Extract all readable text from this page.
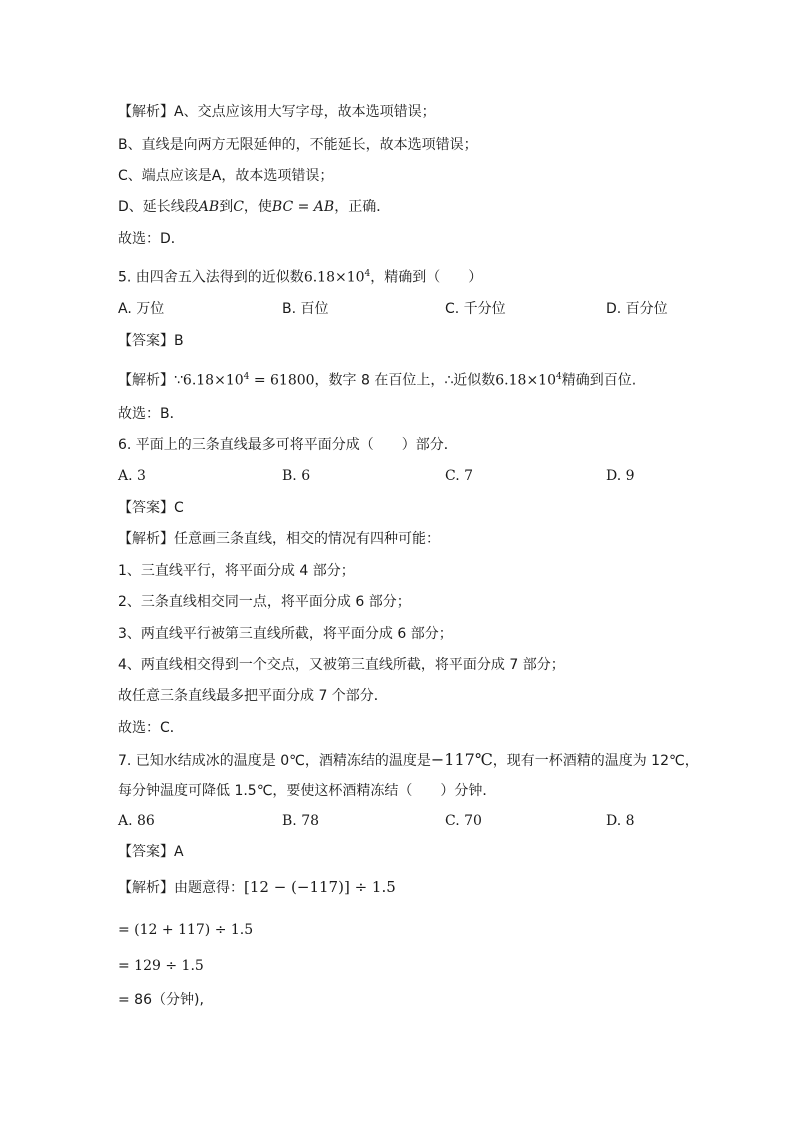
【解析】A、交点应该用大写字母，故本选项错误；
B、直线是向两方无限延伸的，不能延长，故本选项错误；
C、端点应该是A，故本选项错误；
D、延长线段AB到C，使BC = AB，正确．
故选：D．
5. 由四舍五入法得到的近似数$6.18\times 10^4$，精确到（　　）
A. 万位	B. 百位	C. 千分位	D. 百分位
【答案】B
【解析】$\because 6.18\times 10^4 = 61800$，数字 8 在百位上，∴近似数$6.18\times 10^4$精确到百位.
故选：B．
6. 平面上的三条直线最多可将平面分成（　　）部分．
A. 3	B. 6	C. 7	D. 9
【答案】C
【解析】任意画三条直线，相交的情况有四种可能：
1、三直线平行，将平面分成 4 部分；
2、三条直线相交同一点，将平面分成 6 部分；
3、两直线平行被第三直线所截，将平面分成 6 部分；
4、两直线相交得到一个交点，又被第三直线所截，将平面分成 7 部分；
故任意三条直线最多把平面分成 7 个部分．
故选：C．
7. 已知水结成冰的温度是 0℃，酒精冻结的温度是−117℃，现有一杯酒精的温度为 12℃，
每分钟温度可降低 1.5℃，要使这杯酒精冻结（　　）分钟．
A. 86	B. 78	C. 70	D. 8
【答案】A
【解析】由题意得：[12 − (−117)] ÷ 1.5
= (12 + 117) ÷ 1.5
= 129 ÷ 1.5
= 86（分钟),
